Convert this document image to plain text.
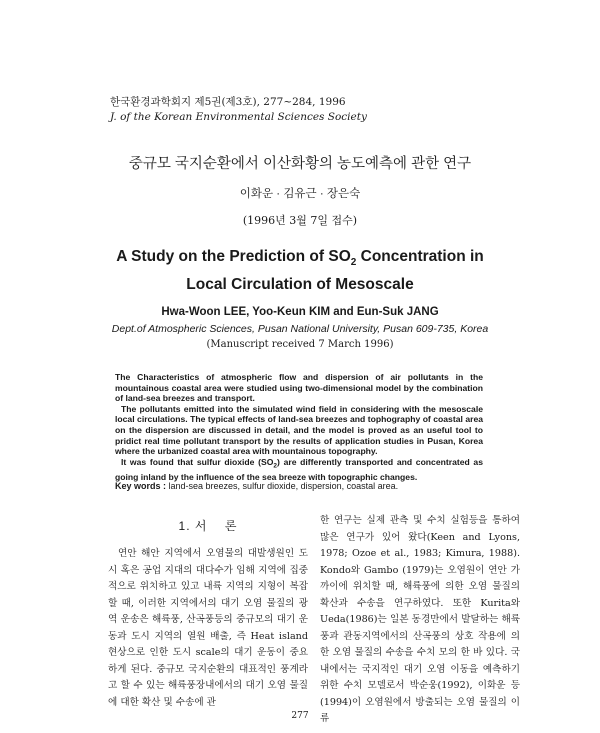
한국환경과학회지 제5권(제3호), 277~284, 1996
J. of the Korean Environmental Sciences Society
중규모 국지순환에서 이산화황의 농도예측에 관한 연구
이화운 · 김유근 · 장은숙
(1996년 3월 7일 접수)
A Study on the Prediction of $SO_2$ Concentration in
Local Circulation of Mesoscale
Hwa-Woon LEE, Yoo-Keun KIM and Eun-Suk JANG
Dept.of Atmospheric Sciences, Pusan National University, Pusan 609-735, Korea
(Manuscript received 7 March 1996)

The Characteristics of atmospheric flow and dispersion of air pollutants in the mountainous coastal area were studied using two-dimensional model by the combination of land-sea breezes and transport.

The pollutants emitted into the simulated wind field in considering with the mesoscale local circulations. The typical effects of land-sea breezes and tophography of coastal area on the dispersion are discussed in detail, and the model is proved as an useful tool to pridict real time pollutant transport by the results of application studies in Pusan, Korea where the urbanized coastal area with mountainous topography.

It was found that sulfur dioxide $(SO_2)$ are differently transported and concentrated as going inland by the influence of the sea breeze with topographic changes.

Key words : land-sea breezes, sulfur dioxide, dispersion, coastal area.
1. 서    론

연안 해안 지역에서 오염물의 대발생원인 도시 혹은 공업 지대의 대다수가 임해 지역에 집중적으로 위치하고 있고 내륙 지역의 지형이 복잡할 때, 이러한 지역에서의 대기 오염 물질의 광역 운송은 해륙풍, 산곡풍등의 중규모의 대기 운동과 도시 지역의 열원 배출, 즉 Heat island 현상으로 인한 도시 scale의 대기 운동이 중요하게 된다. 중규모 국지순환의 대표적인 풍계라고 할 수 있는 해륙풍장내에서의 대기 오염 물질에 대한 확산 및 수송에 관

한 연구는 실제 관측 및 수치 실험등을 통하여 많은 연구가 있어 왔다(Keen and Lyons, 1978; Ozoe et al., 1983; Kimura, 1988). Kondo와 Gambo (1979)는 오염원이 연안 가까이에 위치할 때, 해륙풍에 의한 오염 물질의 확산과 수송을 연구하였다. 또한 Kurita와 Ueda(1986)는 일본 동경만에서 발달하는 해륙풍과 관동지역에서의 산곡풍의 상호 작용에 의한 오염 물질의 수송을 수치 모의 한 바 있다. 국내에서는 국지적인 대기 오염 이동을 예측하기위한 수치 모델로서 박순웅(1992), 이화운 등(1994)이 오염원에서 방출되는 오염 물질의 이류

277
